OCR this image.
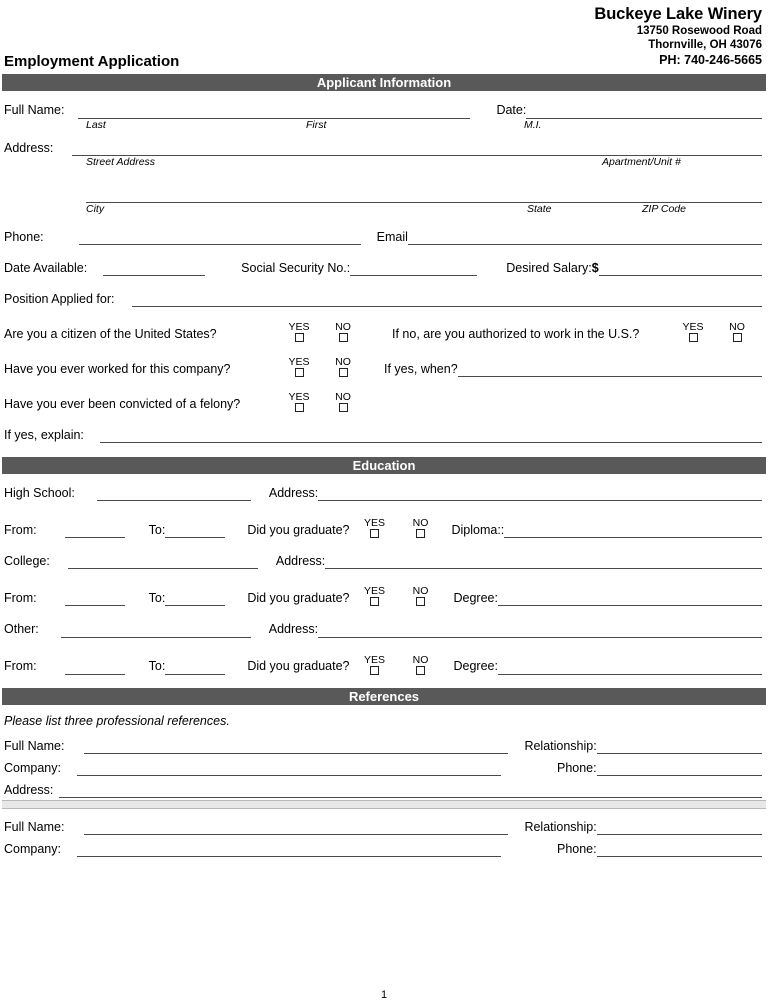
Buckeye Lake Winery
13750 Rosewood Road
Thornville, OH 43076
PH: 740-246-5665
Employment Application
Applicant Information
Full Name:	Date:
Last	First	M.I.
Address:
Street Address	Apartment/Unit #
City	State	ZIP Code
Phone:	Email
Date Available:	Social Security No.:	Desired Salary: $
Position Applied for:
Are you a citizen of the United States?	YES NO	If no, are you authorized to work in the U.S.?	YES NO
Have you ever worked for this company?	YES NO	If yes, when?
Have you ever been convicted of a felony?	YES NO
If yes, explain:
Education
High School:	Address:
From:	To:	Did you graduate? YES	NO Diploma::
College:	Address:
From:	To:	Did you graduate? YES	NO Degree:
Other:	Address:
From:	To:	Did you graduate? YES	NO Degree:
References
Please list three professional references.
Full Name:	Relationship:
Company:	Phone:
Address:
Full Name:	Relationship:
Company:	Phone:
1
